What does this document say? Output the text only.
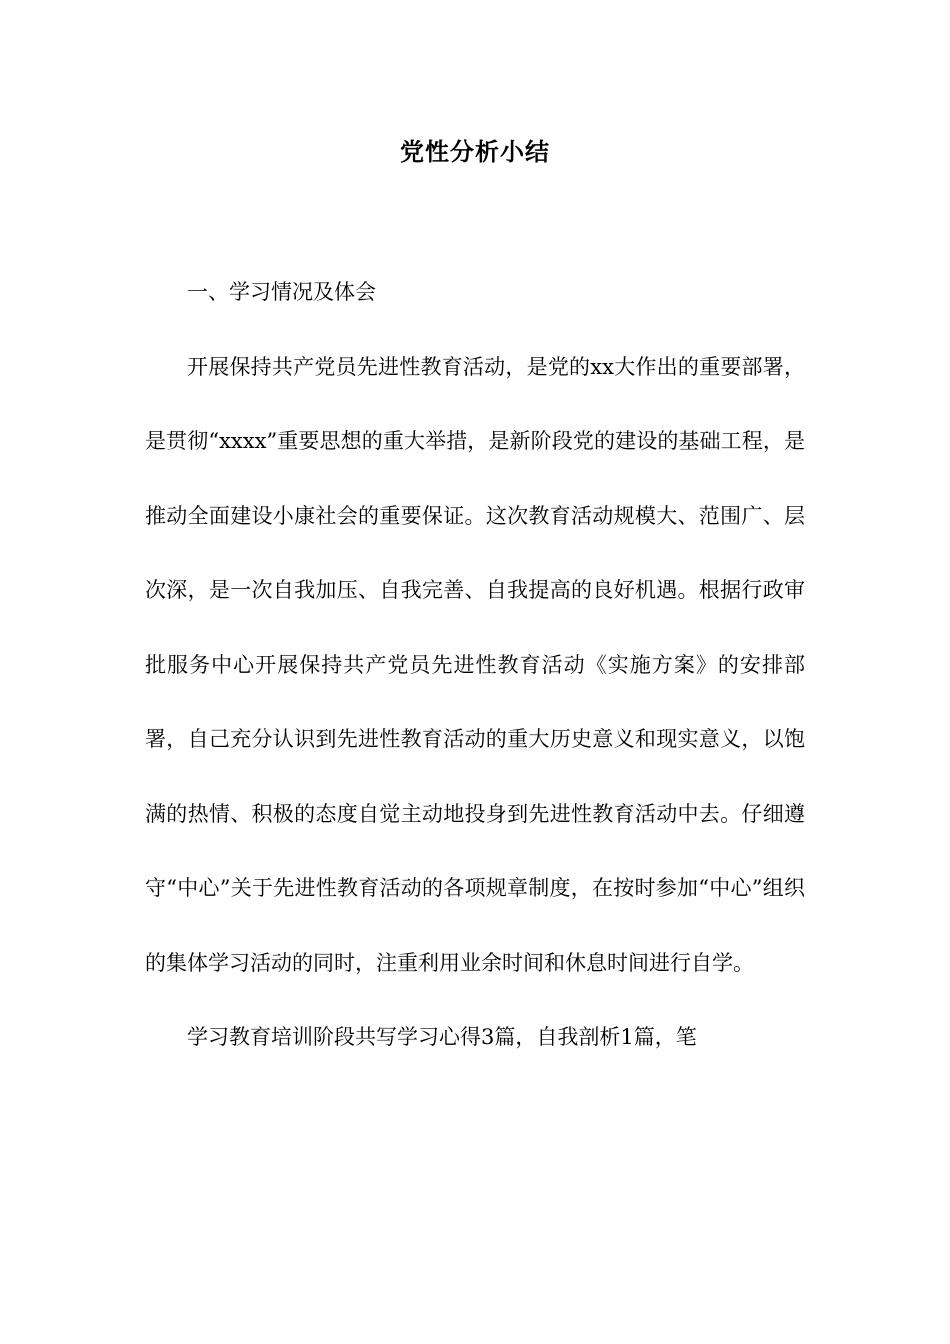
党性分析小结

一、学习情况及体会

开展保持共产党员先进性教育活动，是党的xx大作出的重要部署，是贯彻“xxxx”重要思想的重大举措，是新阶段党的建设的基础工程，是推动全面建设小康社会的重要保证。这次教育活动规模大、范围广、层次深，是一次自我加压、自我完善、自我提高的良好机遇。根据行政审批服务中心开展保持共产党员先进性教育活动《实施方案》的安排部署，自己充分认识到先进性教育活动的重大历史意义和现实意义，以饱满的热情、积极的态度自觉主动地投身到先进性教育活动中去。仔细遵守“中心”关于先进性教育活动的各项规章制度，在按时参加“中心”组织的集体学习活动的同时，注重利用业余时间和休息时间进行自学。

学习教育培训阶段共写学习心得3篇，自我剖析1篇，笔
